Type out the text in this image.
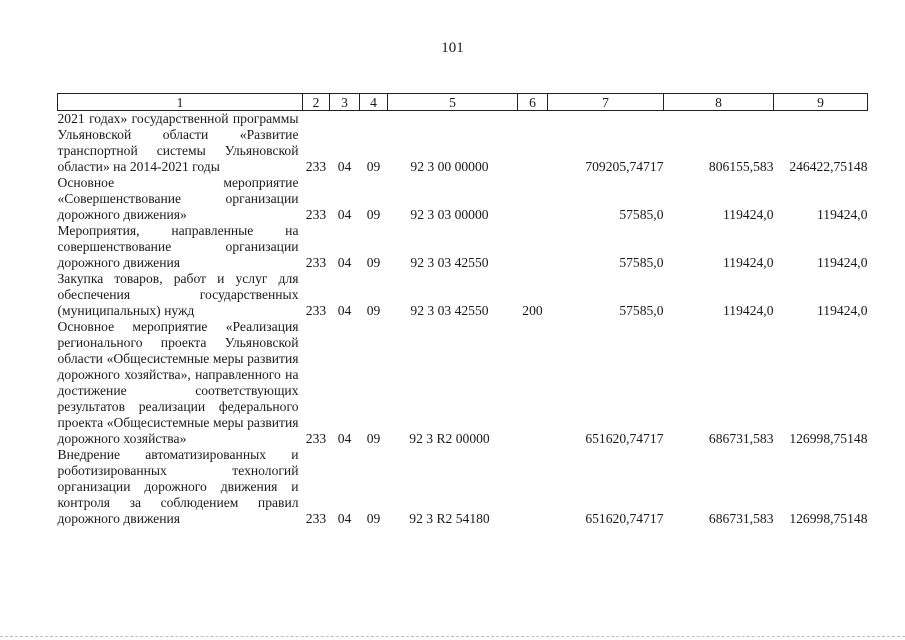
101
1	2	3	4	5	6	7	8	9
2021 годах» государственной программы Ульяновской области «Развитие транспортной системы Ульяновской области» на 2014-2021 годы	233	04	09	92 3 00 00000		709205,74717	806155,583	246422,75148
Основное мероприятие «Совершенствование организации дорожного движения»	233	04	09	92 3 03 00000		57585,0	119424,0	119424,0
Мероприятия, направленные на совершенствование организации дорожного движения	233	04	09	92 3 03 42550		57585,0	119424,0	119424,0
Закупка товаров, работ и услуг для обеспечения государственных (муниципальных) нужд	233	04	09	92 3 03 42550	200	57585,0	119424,0	119424,0
Основное мероприятие «Реализация регионального проекта Ульяновской области «Общесистемные меры развития дорожного хозяйства», направленного на достижение соответствующих результатов реализации федерального проекта «Общесистемные меры развития дорожного хозяйства»	233	04	09	92 3 R2 00000		651620,74717	686731,583	126998,75148
Внедрение автоматизированных и роботизированных технологий организации дорожного движения и контроля за соблюдением правил дорожного движения	233	04	09	92 3 R2 54180		651620,74717	686731,583	126998,75148
